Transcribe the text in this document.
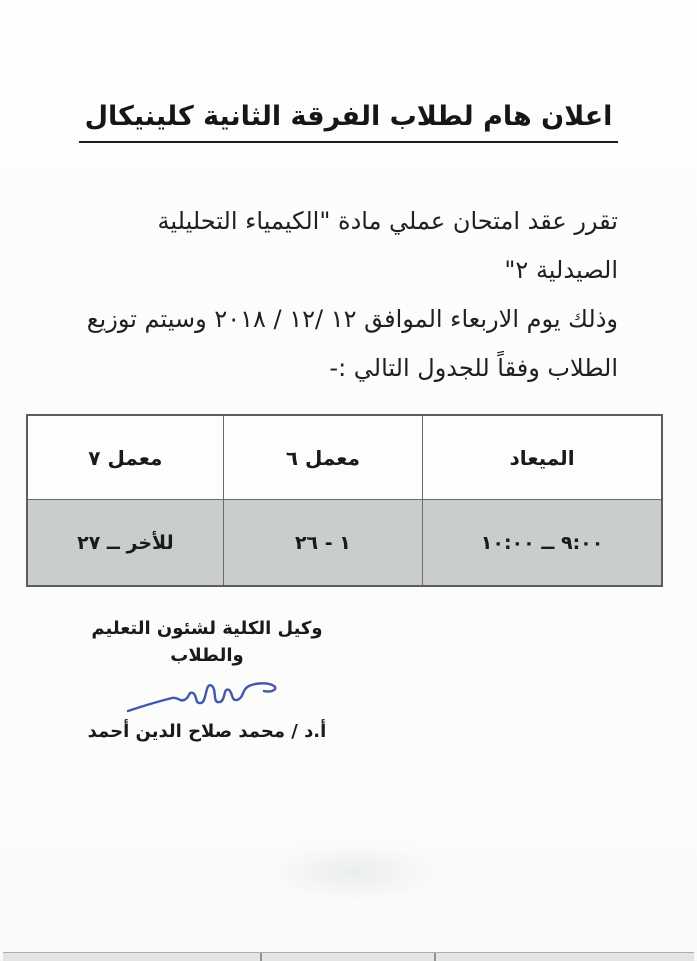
اعلان هام لطلاب الفرقة الثانية كلينيكال
تقرر عقد امتحان عملي مادة "الكيمياء التحليلية الصيدلية ٢"
وذلك يوم الاربعاء الموافق ١٢ /١٢ / ٢٠١٨ وسيتم توزيع
الطلاب وفقاً للجدول التالي :-
الميعاد	معمل ٦	معمل ٧
٩:٠٠ ــ ١٠:٠٠	١ - ٢٦	للأخر ــ ٢٧
وكيل الكلية لشئون التعليم والطلاب
أ.د / محمد صلاح الدين أحمد
